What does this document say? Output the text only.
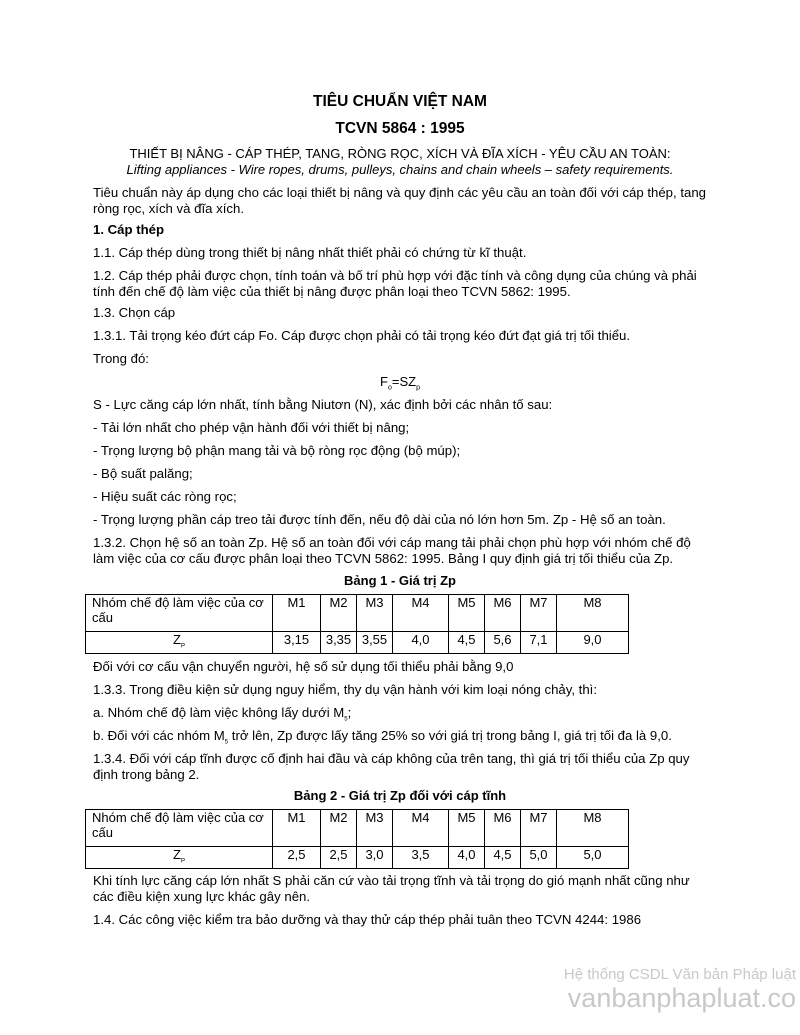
TIÊU CHUẨN VIỆT NAM
TCVN 5864 : 1995
THIẾT BỊ NÂNG - CÁP THÉP, TANG, RÒNG RỌC, XÍCH VÀ ĐĨA XÍCH - YÊU CẦU AN TOÀN:
Lifting appliances - Wire ropes, drums, pulleys, chains and chain wheels – safety requirements.
Tiêu chuẩn này áp dụng cho các loại thiết bị nâng và quy định các yêu cầu an toàn đối với cáp thép, tang ròng rọc, xích và đĩa xích.
1. Cáp thép
1.1. Cáp thép dùng trong thiết bị nâng nhất thiết phải có chứng từ kĩ thuật.
1.2. Cáp thép phải được chọn, tính toán và bố trí phù hợp với đặc tính và công dụng của chúng và phải tính đến chế độ làm việc của thiết bị nâng được phân loại theo TCVN 5862: 1995.
1.3. Chọn cáp
1.3.1. Tải trọng kéo đứt cáp Fo. Cáp được chọn phải có tải trọng kéo đứt đạt giá trị tối thiểu.
Trong đó:
$F_o=SZ_p$
S - Lực căng cáp lớn nhất, tính bằng Niutơn (N), xác định bởi các nhân tố sau:
- Tải lớn nhất cho phép vận hành đối với thiết bị nâng;
- Trọng lượng bộ phận mang tải và bộ ròng rọc động (bộ múp);
- Bộ suất palăng;
- Hiệu suất các ròng rọc;
- Trọng lượng phần cáp treo tải được tính đến, nếu độ dài của nó lớn hơn 5m. Zp - Hệ số an toàn.
1.3.2. Chọn hệ số an toàn Zp. Hệ số an toàn đối với cáp mang tải phải chọn phù hợp với nhóm chế độ làm việc của cơ cấu được phân loại theo TCVN 5862: 1995. Bảng I quy định giá trị tối thiểu của Zp.
Bảng 1 - Giá trị Zp
Nhóm chế độ làm việc của cơ cấu	M1	M2	M3	M4	M5	M6	M7	M8
$Z_P$	3,15	3,35	3,55	4,0	4,5	5,6	7,1	9,0
Đối với cơ cấu vận chuyển người, hệ số sử dụng tối thiểu phải bằng 9,0
1.3.3. Trong điều kiện sử dụng nguy hiểm, thy dụ vận hành với kim loại nóng chảy, thì:
a. Nhóm chế độ làm việc không lấy dưới $M_5$;
b. Đối với các nhóm $M_5$ trở lên, Zp được lấy tăng 25% so với giá trị trong bảng I, giá trị tối đa là 9,0.
1.3.4. Đối với cáp tĩnh được cố định hai đầu và cáp không của trên tang, thì giá trị tối thiểu của Zp quy định trong bảng 2.
Bảng 2 - Giá trị Zp đối với cáp tĩnh
Nhóm chế độ làm việc của cơ cấu	M1	M2	M3	M4	M5	M6	M7	M8
$Z_P$	2,5	2,5	3,0	3,5	4,0	4,5	5,0	5,0
Khi tính lực căng cáp lớn nhất S phải căn cứ vào tải trọng tĩnh và tải trọng do gió mạnh nhất cũng như các điều kiện xung lực khác gây nên.
1.4. Các công việc kiểm tra bảo dưỡng và thay thử cáp thép phải tuân theo TCVN 4244: 1986
Hệ thống CSDL Văn bản Pháp luật
vanbanphapluat.co
